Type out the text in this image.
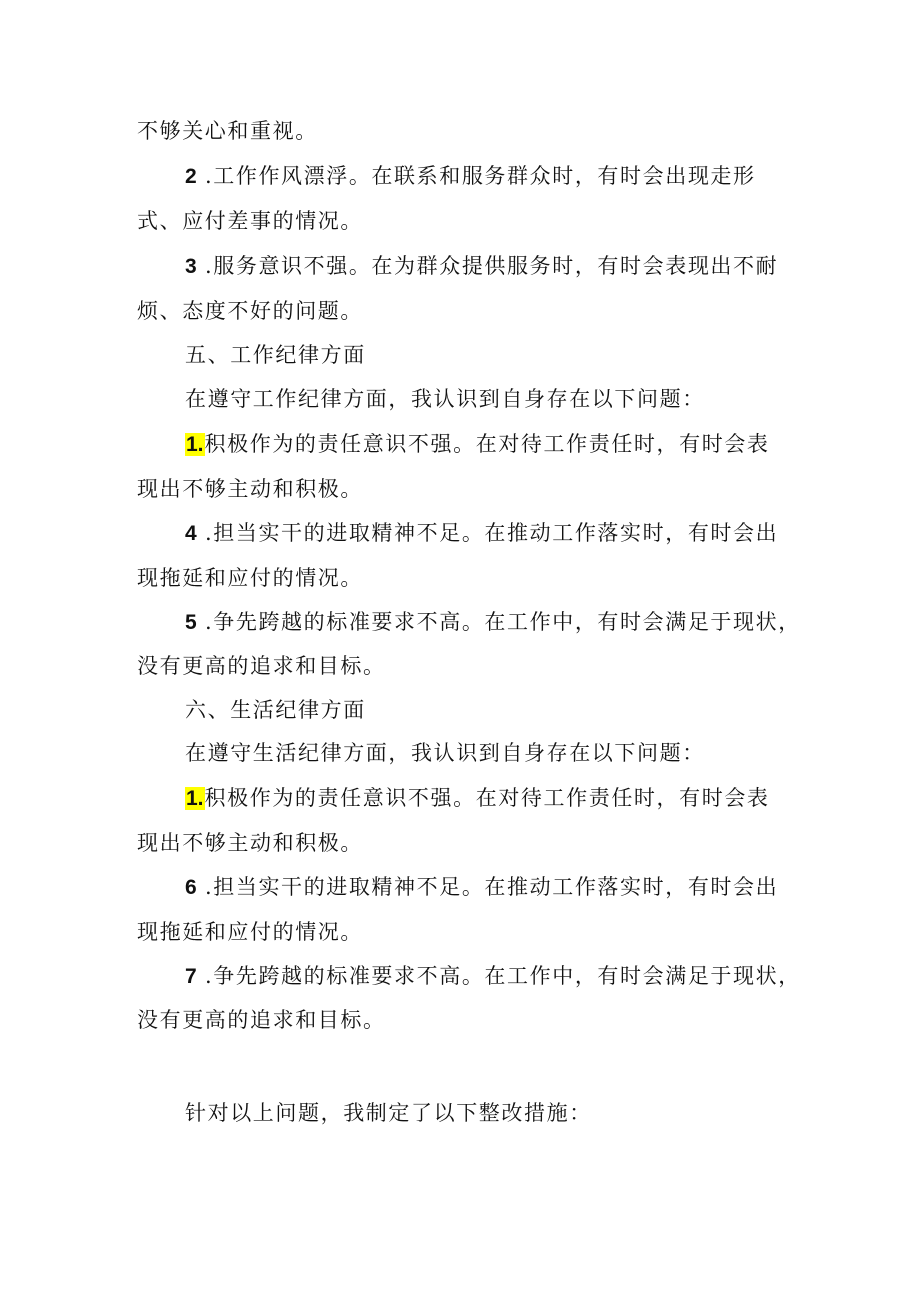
不够关心和重视。
2 .工作作风漂浮。在联系和服务群众时，有时会出现走形
式、应付差事的情况。
3 .服务意识不强。在为群众提供服务时，有时会表现出不耐
烦、态度不好的问题。
五、工作纪律方面
在遵守工作纪律方面，我认识到自身存在以下问题：
1.积极作为的责任意识不强。在对待工作责任时，有时会表
现出不够主动和积极。
4 .担当实干的进取精神不足。在推动工作落实时，有时会出
现拖延和应付的情况。
5 .争先跨越的标准要求不高。在工作中，有时会满足于现状，
没有更高的追求和目标。
六、生活纪律方面
在遵守生活纪律方面，我认识到自身存在以下问题：
1.积极作为的责任意识不强。在对待工作责任时，有时会表
现出不够主动和积极。
6 .担当实干的进取精神不足。在推动工作落实时，有时会出
现拖延和应付的情况。
7 .争先跨越的标准要求不高。在工作中，有时会满足于现状，
没有更高的追求和目标。
针对以上问题，我制定了以下整改措施：
